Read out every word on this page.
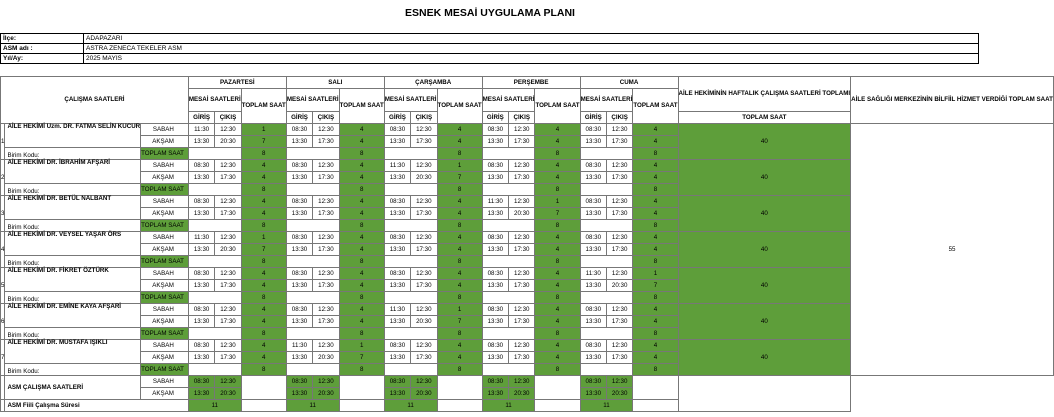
ESNEK MESAİ UYGULAMA PLANI
İlçe:	ADAPAZARI
ASM adı :	ASTRA ZENECA TEKELER ASM
Yıl/Ay:	2025 MAYIS
ÇALIŞMA SAATLERİ			PAZARTESİ			SALI			ÇARŞAMBA			PERŞEMBE			CUMA			AİLE HEKİMİNİN HAFTALIK ÇALIŞMA SAATLERİ TOPLAMI	AİLE SAĞLIĞI MERKEZİNİN BİLFİİL HİZMET VERDİĞİ TOPLAM SAAT
			MESAİ SAATLERİ		TOPLAM SAAT	MESAİ SAATLERİ		TOPLAM SAAT	MESAİ SAATLERİ		TOPLAM SAAT	MESAİ SAATLERİ		TOPLAM SAAT	MESAİ SAATLERİ		TOPLAM SAAT		
			GİRİŞ	ÇIKIŞ		GİRİŞ	ÇIKIŞ		GİRİŞ	ÇIKIŞ		GİRİŞ	ÇIKIŞ		GİRİŞ	ÇIKIŞ		TOPLAM SAAT	
1	AİLE HEKİMİ Uzm. DR. FATMA SELİN KUCUR	SABAH	11:30	12:30	1	08:30	12:30	4	08:30	12:30	4	08:30	12:30	4	08:30	12:30	4	40	55
		AKŞAM	13:30	20:30	7	13:30	17:30	4	13:30	17:30	4	13:30	17:30	4	13:30	17:30	4		
	Birim Kodu:	TOPLAM SAAT			8			8			8			8			8		
2	AİLE HEKİMİ DR. İBRAHİM AFŞARİ	SABAH	08:30	12:30	4	08:30	12:30	4	11:30	12:30	1	08:30	12:30	4	08:30	12:30	4	40	
		AKŞAM	13:30	17:30	4	13:30	17:30	4	13:30	20:30	7	13:30	17:30	4	13:30	17:30	4		
	Birim Kodu:	TOPLAM SAAT			8			8			8			8			8		
3	AİLE HEKİMİ DR. BETÜL NALBANT	SABAH	08:30	12:30	4	08:30	12:30	4	08:30	12:30	4	11:30	12:30	1	08:30	12:30	4	40	
		AKŞAM	13:30	17:30	4	13:30	17:30	4	13:30	17:30	4	13:30	20:30	7	13:30	17:30	4		
	Birim Kodu:	TOPLAM SAAT			8			8			8			8			8		
4	AİLE HEKİMİ DR. VEYSEL YAŞAR ÖRS	SABAH	11:30	12:30	1	08:30	12:30	4	08:30	12:30	4	08:30	12:30	4	08:30	12:30	4	40	
		AKŞAM	13:30	20:30	7	13:30	17:30	4	13:30	17:30	4	13:30	17:30	4	13:30	17:30	4		
	Birim Kodu:	TOPLAM SAAT			8			8			8			8			8		
5	AİLE HEKİMİ DR. FİKRET ÖZTÜRK	SABAH	08:30	12:30	4	08:30	12:30	4	08:30	12:30	4	08:30	12:30	4	11:30	12:30	1	40	
		AKŞAM	13:30	17:30	4	13:30	17:30	4	13:30	17:30	4	13:30	17:30	4	13:30	20:30	7		
	Birim Kodu:	TOPLAM SAAT			8			8			8			8			8		
6	AİLE HEKİMİ DR. EMİNE KAYA AFŞARİ	SABAH	08:30	12:30	4	08:30	12:30	4	11:30	12:30	1	08:30	12:30	4	08:30	12:30	4	40	
		AKŞAM	13:30	17:30	4	13:30	17:30	4	13:30	20:30	7	13:30	17:30	4	13:30	17:30	4		
	Birim Kodu:	TOPLAM SAAT			8			8			8			8			8		
7	AİLE HEKİMİ DR. MUSTAFA IŞIKLI	SABAH	08:30	12:30	4	11:30	12:30	1	08:30	12:30	4	08:30	12:30	4	08:30	12:30	4	40	
		AKŞAM	13:30	17:30	4	13:30	20:30	7	13:30	17:30	4	13:30	17:30	4	13:30	17:30	4		
	Birim Kodu:	TOPLAM SAAT			8			8			8			8			8		
	ASM ÇALIŞMA SAATLERİ	SABAH	08:30	12:30		08:30	12:30		08:30	12:30		08:30	12:30		08:30	12:30			
		AKŞAM	13:30	20:30		13:30	20:30		13:30	20:30		13:30	20:30		13:30	20:30			
	ASM Fiili Çalışma Süresi		11			11			11			11			11				
